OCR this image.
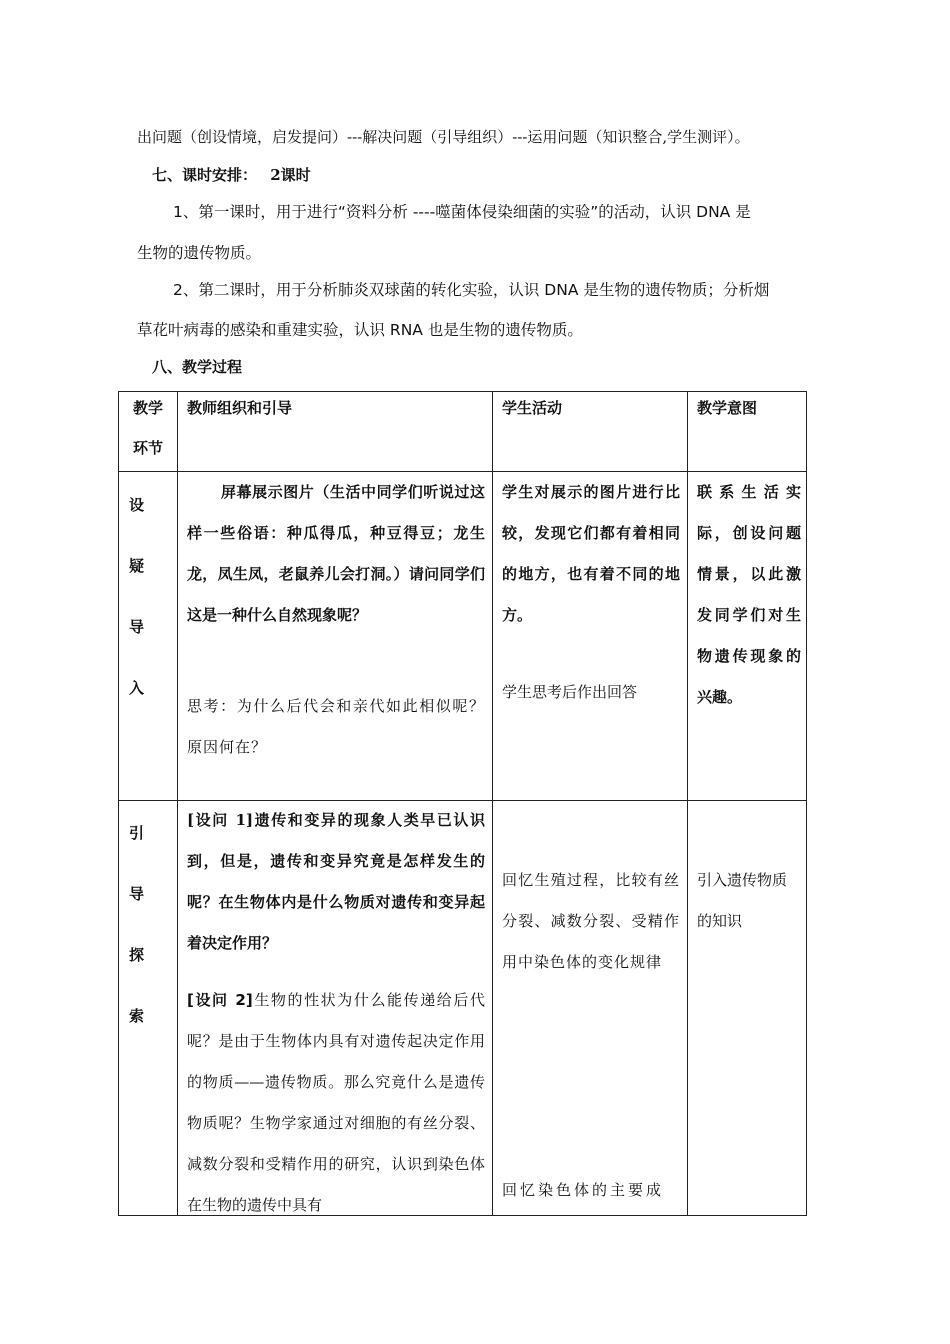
出问题（创设情境，启发提问）---解决问题（引导组织）---运用问题（知识整合,学生测评）。
七、课时安排： 2课时
1、第一课时，用于进行“资料分析 ----噬菌体侵染细菌的实验”的活动，认识 DNA 是
生物的遗传物质。
2、第二课时，用于分析肺炎双球菌的转化实验，认识 DNA 是生物的遗传物质；分析烟
草花叶病毒的感染和重建实验，认识 RNA 也是生物的遗传物质。
八、教学过程
教学
环节
教师组织和引导	学生活动	教学意图
设
疑
导
入
屏幕展示图片（生活中同学们听说过这样一些俗语：种瓜得瓜，种豆得豆；龙生龙，凤生凤，老鼠养儿会打洞。）请问同学们这是一种什么自然现象呢？
思考：为什么后代会和亲代如此相似呢？原因何在？
学生对展示的图片进行比较，发现它们都有着相同的地方，也有着不同的地方。
学生思考后作出回答
联系生活实际，创设问题情景，以此激发同学们对生物遗传现象的兴趣。
引
导
探
索
[设问 1]遗传和变异的现象人类早已认识到，但是，遗传和变异究竟是怎样发生的呢？在生物体内是什么物质对遗传和变异起着决定作用？
[设问 2]生物的性状为什么能传递给后代呢？是由于生物体内具有对遗传起决定作用的物质——遗传物质。那么究竟什么是遗传物质呢？生物学家通过对细胞的有丝分裂、减数分裂和受精作用的研究，认识到染色体在生物的遗传中具有
回忆生殖过程，比较有丝分裂、减数分裂、受精作用中染色体的变化规律
回忆染色体的主要成
引入遗传物质的知识
